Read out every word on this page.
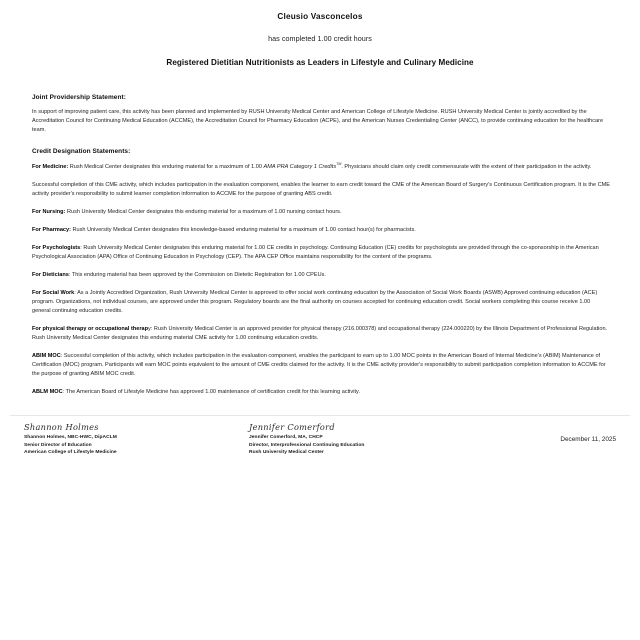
Cleusio Vasconcelos
has completed 1.00 credit hours
Registered Dietitian Nutritionists as Leaders in Lifestyle and Culinary Medicine
Joint Providership Statement:

In support of improving patient care, this activity has been planned and implemented by RUSH University Medical Center and American College of Lifestyle Medicine. RUSH University Medical Center is jointly accredited by the Accreditation Council for Continuing Medical Education (ACCME), the Accreditation Council for Pharmacy Education (ACPE), and the American Nurses Credentialing Center (ANCC), to provide continuing education for the healthcare team.

Credit Designation Statements:

For Medicine: Rush Medical Center designates this enduring material for a maximum of 1.00 AMA PRA Category 1 Credits™. Physicians should claim only credit commensurate with the extent of their participation in the activity.

Successful completion of this CME activity, which includes participation in the evaluation component, enables the learner to earn credit toward the CME of the American Board of Surgery's Continuous Certification program. It is the CME activity provider's responsibility to submit learner completion information to ACCME for the purpose of granting ABS credit.

For Nursing: Rush University Medical Center designates this enduring material for a maximum of 1.00 nursing contact hours.

For Pharmacy: Rush University Medical Center designates this knowledge-based enduring material for a maximum of 1.00 contact hour(s) for pharmacists.

For Psychologists: Rush University Medical Center designates this enduring material for 1.00 CE credits in psychology. Continuing Education (CE) credits for psychologists are provided through the co-sponsorship in the American Psychological Association (APA) Office of Continuing Education in Psychology (CEP). The APA CEP Office maintains responsibility for the content of the programs.

For Dieticians: This enduring material has been approved by the Commission on Dietetic Registration for 1.00 CPEUs.

For Social Work: As a Jointly Accredited Organization, Rush University Medical Center is approved to offer social work continuing education by the Association of Social Work Boards (ASWB) Approved continuing education (ACE) program. Organizations, not individual courses, are approved under this program. Regulatory boards are the final authority on courses accepted for continuing education credit. Social workers completing this course receive 1.00 general continuing education credits.

For physical therapy or occupational therapy: Rush University Medical Center is an approved provider for physical therapy (216.000378) and occupational therapy (224.000220) by the Illinois Department of Professional Regulation. Rush University Medical Center designates this enduring material CME activity for 1.00 continuing education credits.

ABIM MOC: Successful completion of this activity, which includes participation in the evaluation component, enables the participant to earn up to 1.00 MOC points in the American Board of Internal Medicine's (ABIM) Maintenance of Certification (MOC) program. Participants will earn MOC points equivalent to the amount of CME credits claimed for the activity. It is the CME activity provider's responsibility to submit participation completion information to ACCME for the purpose of granting ABIM MOC credit.

ABLM MOC: The American Board of Lifestyle Medicine has approved 1.00 maintenance of certification credit for this learning activity.

Shannon Holmes
Shannon Holmes, NBC-HWC, DipACLM
Senior Director of Education
American College of Lifestyle Medicine
Jennifer Comerford
Jennifer Comerford, MA, CHCP
Director, Interprofessional Continuing Education
Rush University Medical Center
December 11, 2025
